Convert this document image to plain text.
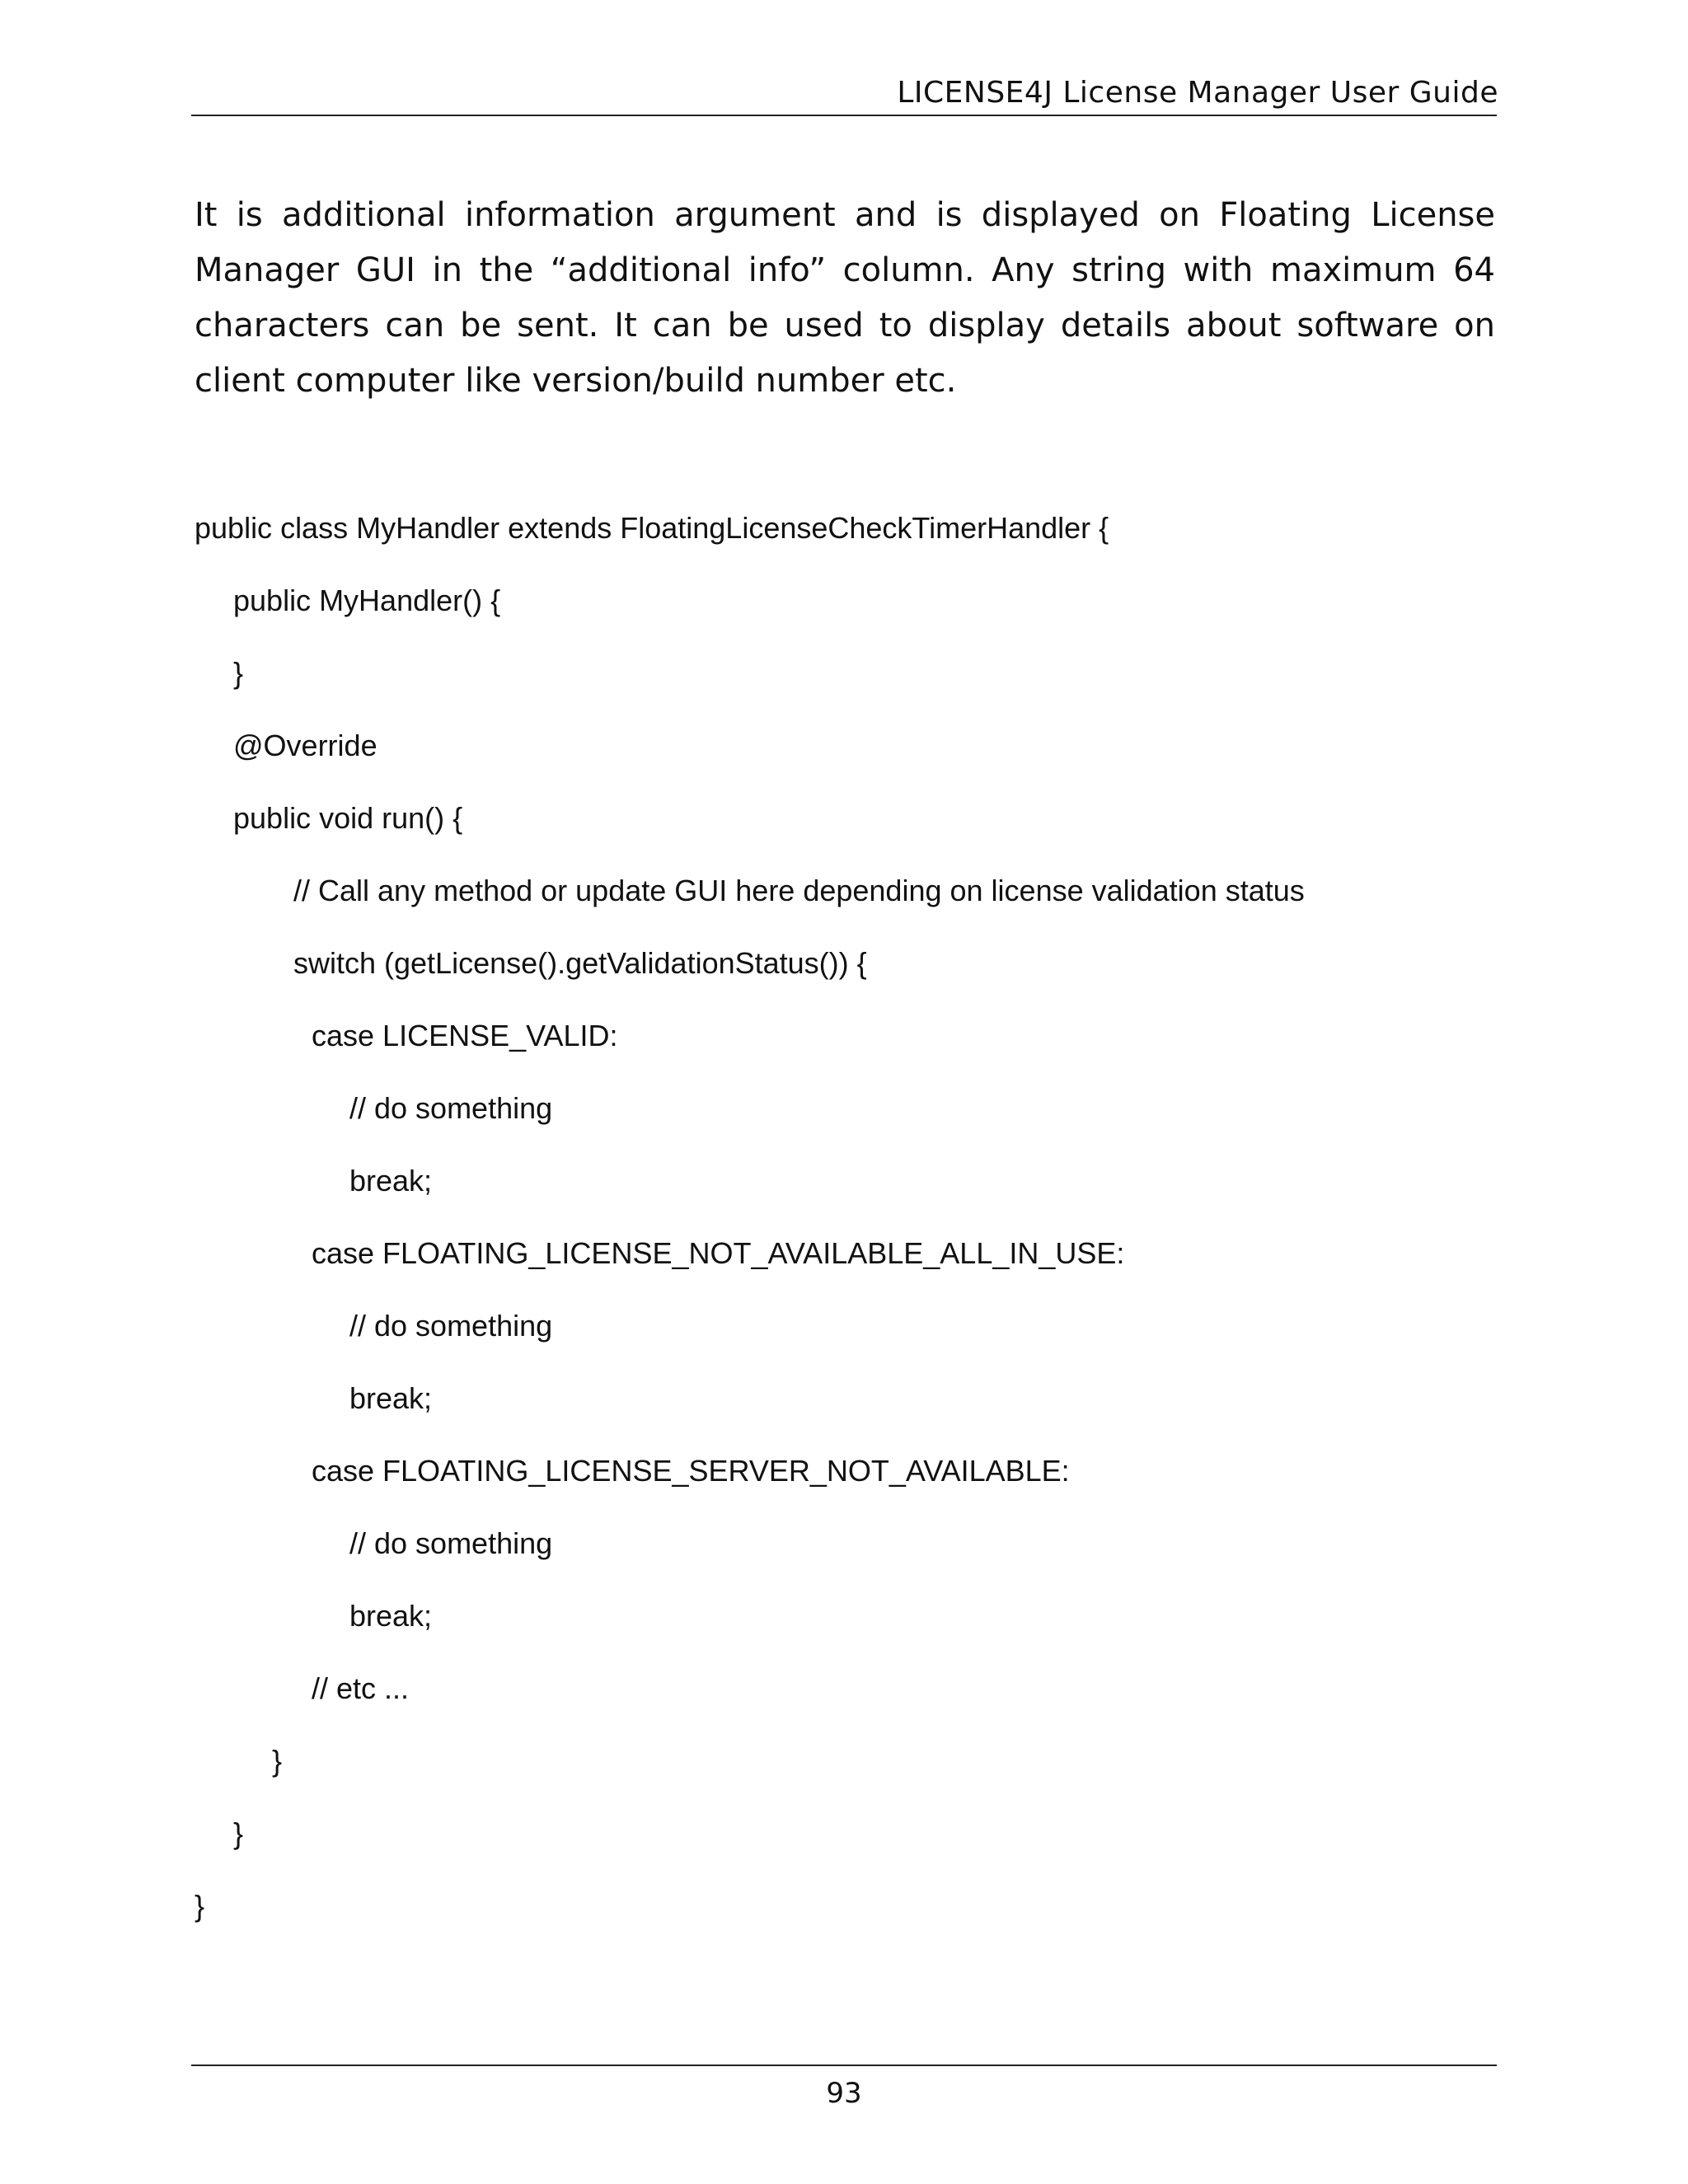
LICENSE4J License Manager User Guide

It is additional information argument and is displayed on Floating License Manager GUI in the “additional info” column. Any string with maximum 64 characters can be sent. It can be used to display details about software on client computer like version/build number etc.

public class MyHandler extends FloatingLicenseCheckTimerHandler {
public MyHandler() {
}
@Override
public void run() {
// Call any method or update GUI here depending on license validation status
switch (getLicense().getValidationStatus()) {
case LICENSE_VALID:
// do something
break;
case FLOATING_LICENSE_NOT_AVAILABLE_ALL_IN_USE:
// do something
break;
case FLOATING_LICENSE_SERVER_NOT_AVAILABLE:
// do something
break;
// etc ...
}
}
}
93
